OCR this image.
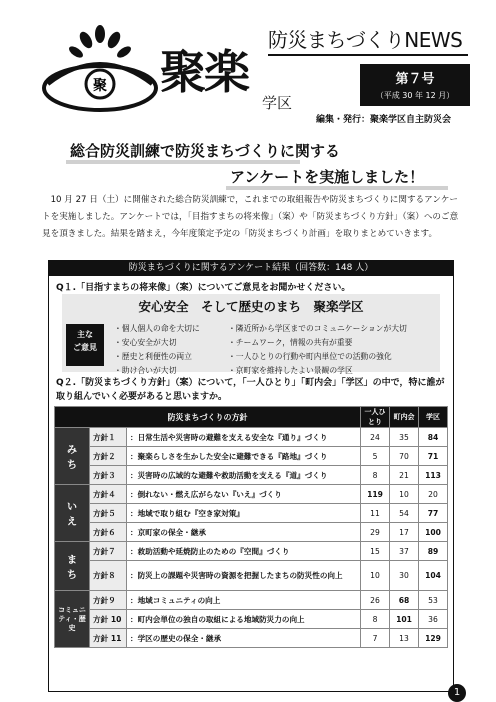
聚 聚楽
学区
防災まちづくりNEWS
第７号
（平成 30 年 12 月）
編集・発行：聚楽学区自主防災会
総合防災訓練で防災まちづくりに関する
アンケートを実施しました！
10 月 27 日（土）に開催された総合防災訓練で，これまでの取組報告や防災まちづくりに関するアンケートを実施しました。アンケートでは，「目指すまちの将来像」（案）や「防災まちづくり方針」（案）へのご意見を頂きました。結果を踏まえ，今年度策定予定の「防災まちづくり計画」を取りまとめていきます。
防災まちづくりに関するアンケート結果（回答数：148 人）
Q１.「目指すまちの将来像」（案）についてご意見をお聞かせください。
安心安全　そして歴史のまち　聚楽学区
主な
ご意見
・ 個人個人の命を大切に
・ 安心安全が大切
・ 歴史と利便性の両立
・ 助け合いが大切
・ 隣近所から学区までのコミュニケーションが大切
・ チームワーク，情報の共有が重要
・ 一人ひとりの行動や町内単位での活動の強化
・ 京町家を維持したよい景観の学区
Q２.「防災まちづくり方針」（案）について，「一人ひとり」「町内会」「学区」の中で，特に誰が取り組んでいく必要があると思いますか。
防災まちづくりの方針			一人ひとり	町内会	学区
み
ち	方針１	：日常生活や災害時の避難を支える安全な『通り』づくり	24	35	84
	方針２	：聚楽らしさを生かした安全に避難できる『路地』づくり	5	70	71
	方針３	：災害時の広域的な避難や救助活動を支える『道』づくり	8	21	113
い
え	方針４	：倒れない・燃え広がらない『いえ』づくり	119	10	20
	方針５	：地域で取り組む『空き家対策』	11	54	77
	方針６	：京町家の保全・継承	29	17	100
ま
ち	方針７	：救助活動や延焼防止のための『空間』づくり	15	37	89
	方針８	：防災上の課題や災害時の資源を把握したまちの防災性の向上	10	30	104
コミュニティ・歴史	方針９	：地域コミュニティの向上	26	68	53
	方針 10	：町内会単位の独自の取組による地域防災力の向上	8	101	36
	方針 11	：学区の歴史の保全・継承	7	13	129
1
